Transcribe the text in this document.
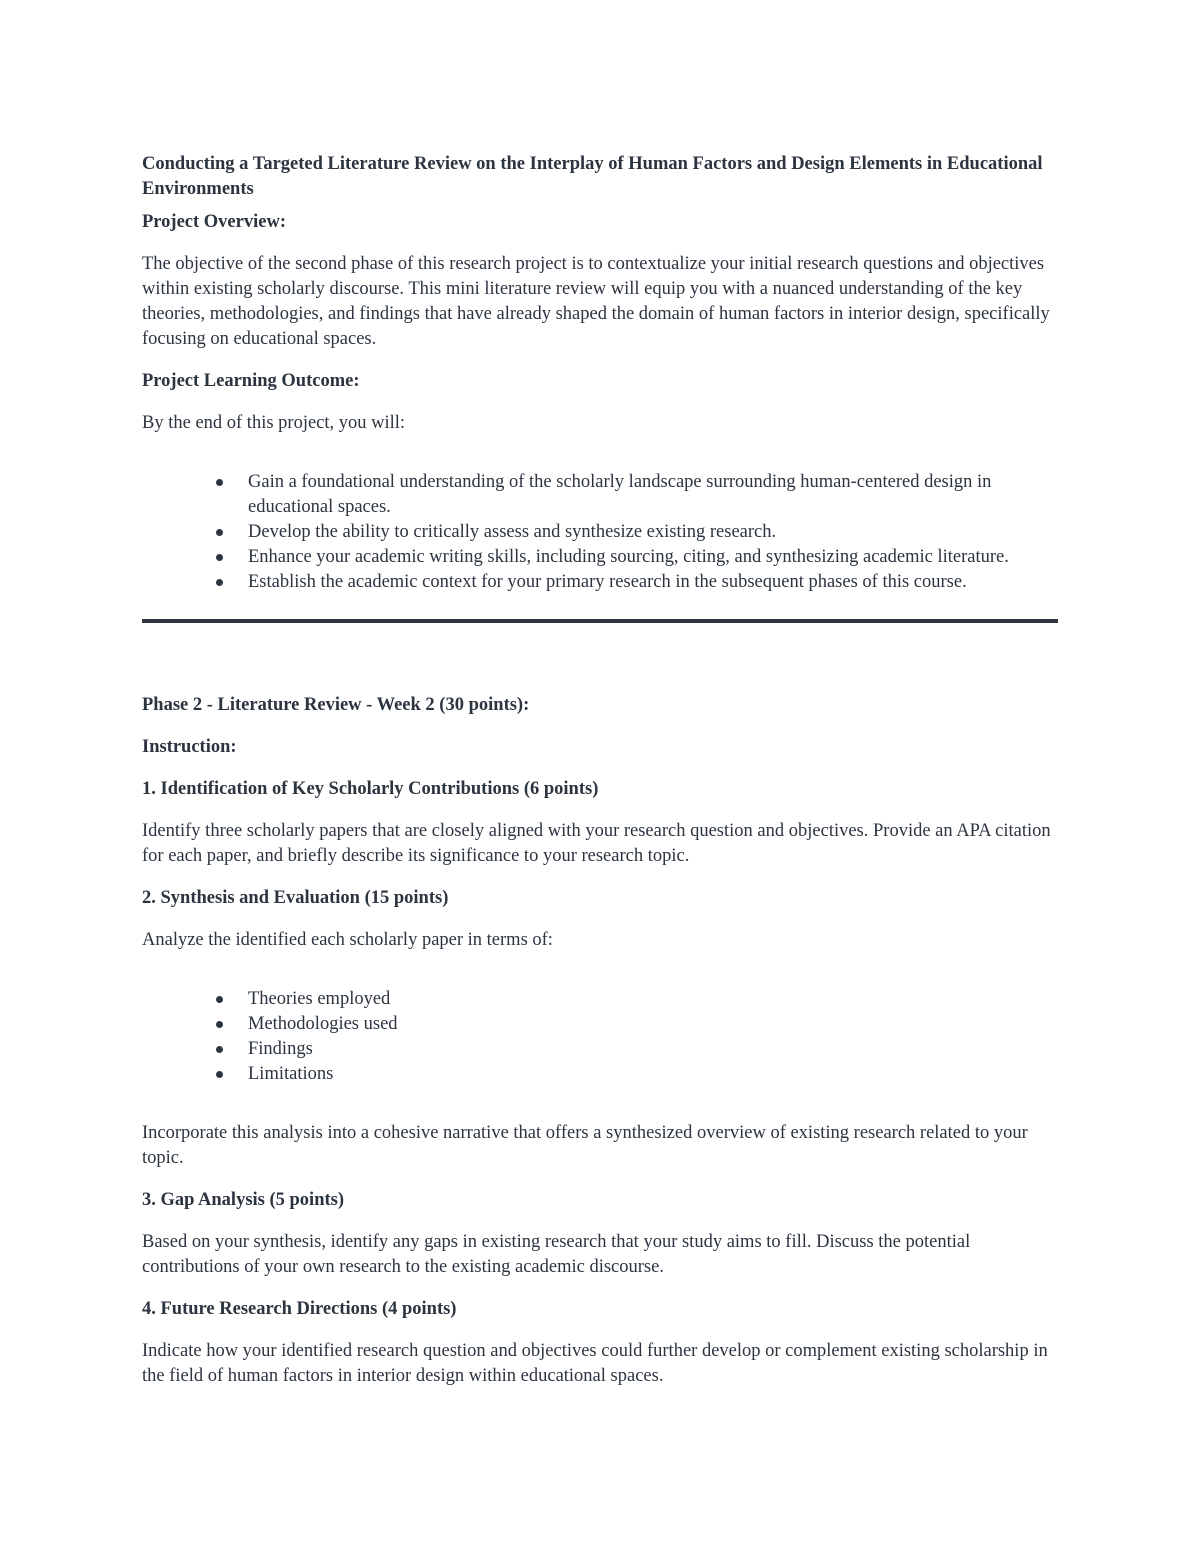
Conducting a Targeted Literature Review on the Interplay of Human Factors and Design Elements in Educational Environments

Project Overview:

The objective of the second phase of this research project is to contextualize your initial research questions and objectives within existing scholarly discourse. This mini literature review will equip you with a nuanced understanding of the key theories, methodologies, and findings that have already shaped the domain of human factors in interior design, specifically focusing on educational spaces.

Project Learning Outcome:

By the end of this project, you will:

Gain a foundational understanding of the scholarly landscape surrounding human-centered design in educational spaces.
Develop the ability to critically assess and synthesize existing research.
Enhance your academic writing skills, including sourcing, citing, and synthesizing academic literature.
Establish the academic context for your primary research in the subsequent phases of this course.

Phase 2 - Literature Review - Week 2 (30 points):

Instruction:

1. Identification of Key Scholarly Contributions (6 points)

Identify three scholarly papers that are closely aligned with your research question and objectives. Provide an APA citation for each paper, and briefly describe its significance to your research topic.

2. Synthesis and Evaluation (15 points)

Analyze the identified each scholarly paper in terms of:

Theories employed
Methodologies used
Findings
Limitations

Incorporate this analysis into a cohesive narrative that offers a synthesized overview of existing research related to your topic.

3. Gap Analysis (5 points)

Based on your synthesis, identify any gaps in existing research that your study aims to fill. Discuss the potential contributions of your own research to the existing academic discourse.

4. Future Research Directions (4 points)

Indicate how your identified research question and objectives could further develop or complement existing scholarship in the field of human factors in interior design within educational spaces.
